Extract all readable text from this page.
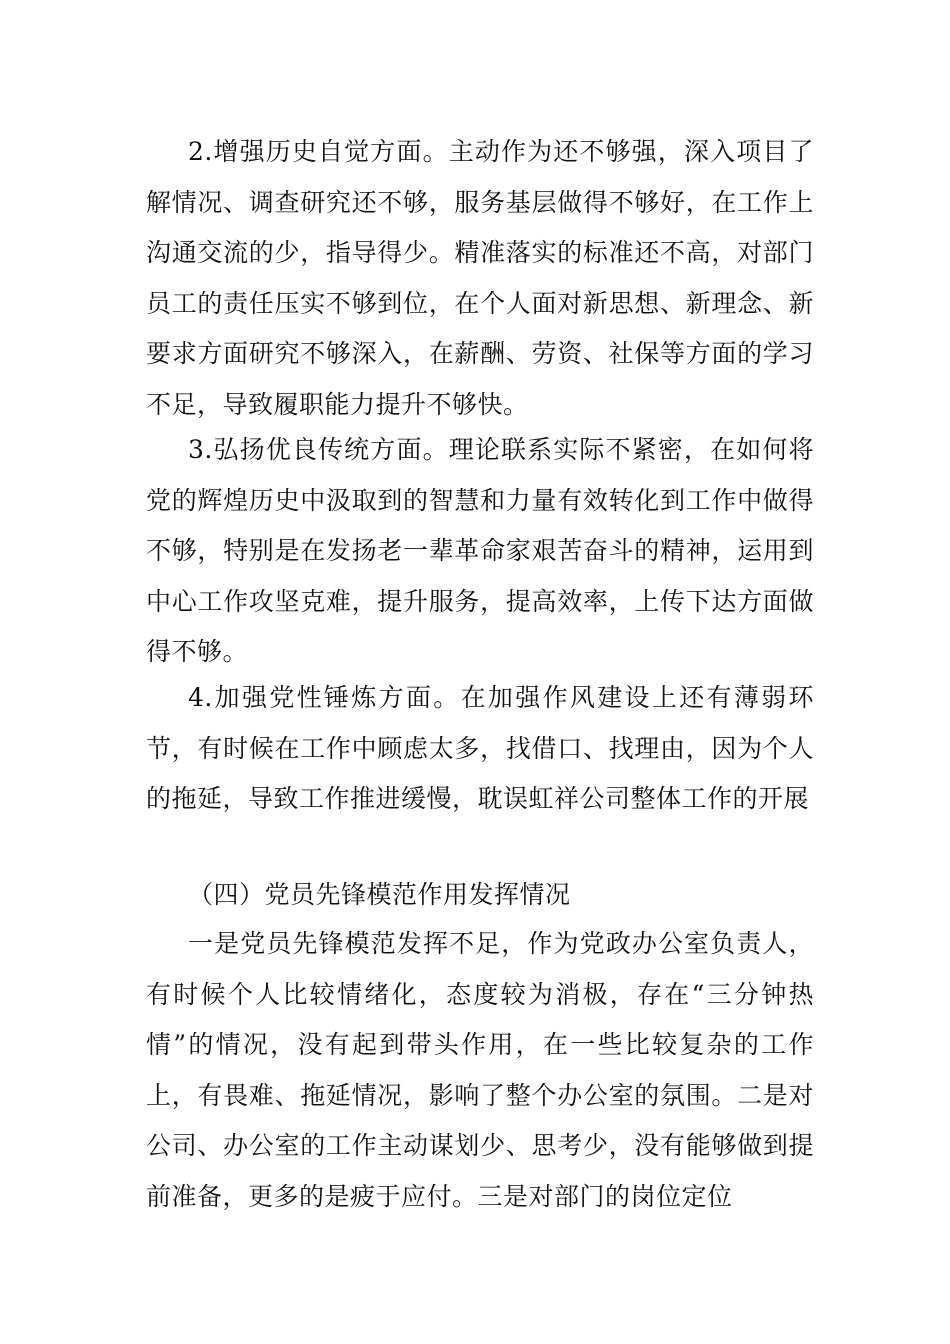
2.增强历史自觉方面。主动作为还不够强，深入项目了解情况、调查研究还不够，服务基层做得不够好，在工作上沟通交流的少，指导得少。精准落实的标准还不高，对部门员工的责任压实不够到位，在个人面对新思想、新理念、新要求方面研究不够深入，在薪酬、劳资、社保等方面的学习不足，导致履职能力提升不够快。

3.弘扬优良传统方面。理论联系实际不紧密，在如何将党的辉煌历史中汲取到的智慧和力量有效转化到工作中做得不够，特别是在发扬老一辈革命家艰苦奋斗的精神，运用到中心工作攻坚克难，提升服务，提高效率，上传下达方面做得不够。

4.加强党性锤炼方面。在加强作风建设上还有薄弱环节，有时候在工作中顾虑太多，找借口、找理由，因为个人的拖延，导致工作推进缓慢，耽误虹祥公司整体工作的开展

（四）党员先锋模范作用发挥情况

一是党员先锋模范发挥不足，作为党政办公室负责人，有时候个人比较情绪化，态度较为消极，存在“三分钟热情”的情况，没有起到带头作用，在一些比较复杂的工作上，有畏难、拖延情况，影响了整个办公室的氛围。二是对公司、办公室的工作主动谋划少、思考少，没有能够做到提前准备，更多的是疲于应付。三是对部门的岗位定位
